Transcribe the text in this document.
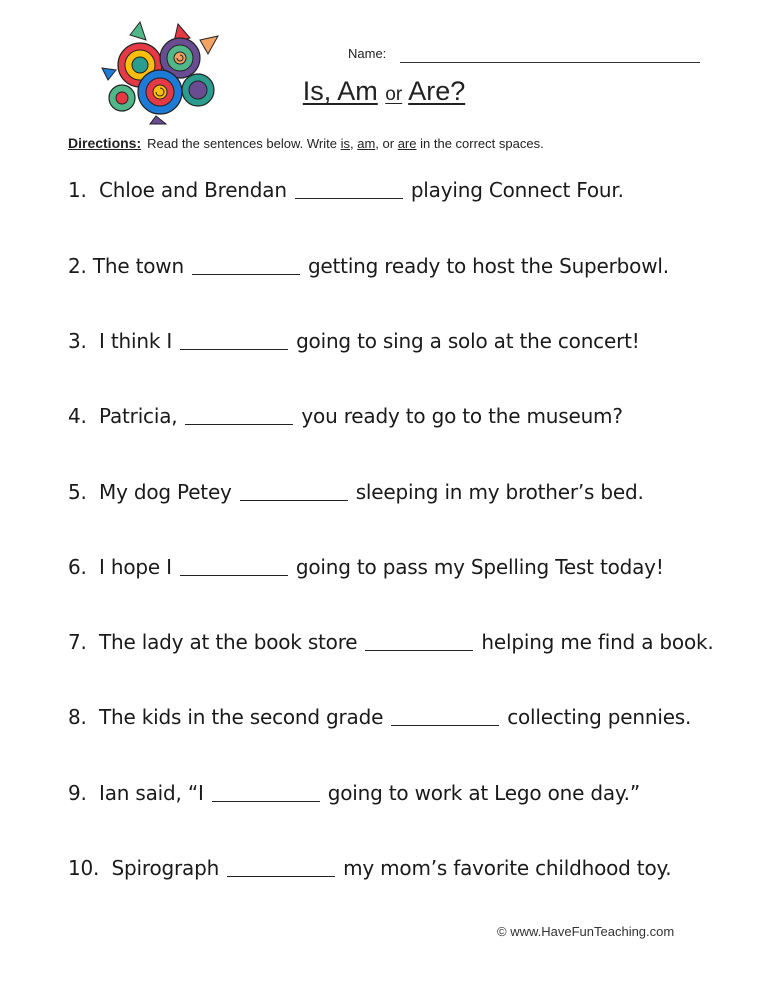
Name:
Is, Am or Are?
Directions: Read the sentences below. Write is, am, or are in the correct spaces.
1. Chloe and Brendan	playing Connect Four.
2. The town	getting ready to host the Superbowl.
3. I think I	going to sing a solo at the concert!
4. Patricia,	you ready to go to the museum?
5. My dog Petey	sleeping in my brother’s bed.
6. I hope I	going to pass my Spelling Test today!
7. The lady at the book store	helping me find a book.
8. The kids in the second grade	collecting pennies.
9. Ian said, “I	going to work at Lego one day.”
10. Spirograph	my mom’s favorite childhood toy.
© www.HaveFunTeaching.com
